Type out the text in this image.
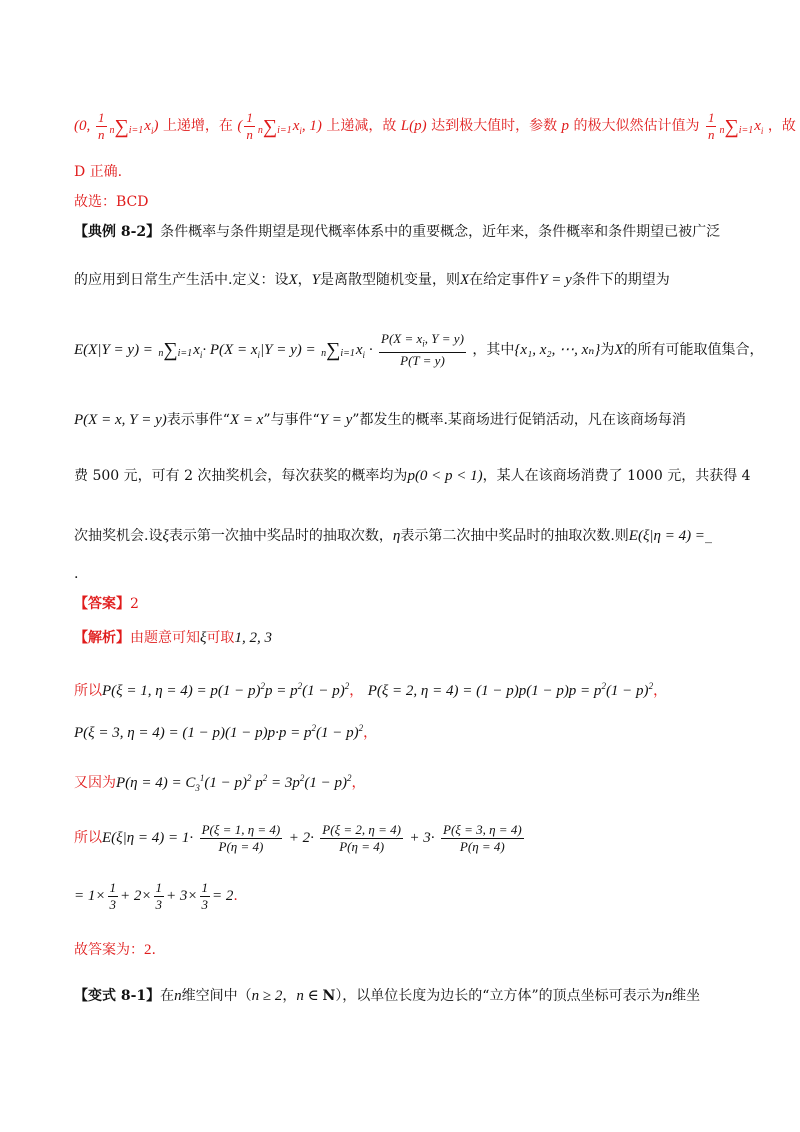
(0, $\frac{1}{n} n\sum i=1x_i$) 上递增，在 ( $\frac{1}{n} n\sum i=1x_i$, 1) 上递减，故 L(p) 达到极大值时，参数 p 的极大似然估计值为 $\frac{1}{n} n\sum i=1x_i$ ，故
D 正确.
故选：BCD
【典例 8-2】条件概率与条件期望是现代概率体系中的重要概念，近年来，条件概率和条件期望已被广泛
的应用到日常生产生活中.定义：设X，Y是离散型随机变量，则X在给定事件Y = y条件下的期望为
$E(X|Y = y) = n\sum i=1x_i\cdot P(X = x_i|Y = y) = n\sum i=1x_i \cdot \frac{P(X = x_i, Y = y)}{P(T = y)}$ ，其中{x₁, x₂, ⋯, xₙ}为X的所有可能取值集合，
P(X = x, Y = y)表示事件“X = x”与事件“Y = y”都发生的概率.某商场进行促销活动，凡在该商场每消
费 500 元，可有 2 次抽奖机会，每次获奖的概率均为p(0 < p < 1)，某人在该商场消费了 1000 元，共获得 4
次抽奖机会.设ξ表示第一次抽中奖品时的抽取次数，η表示第二次抽中奖品时的抽取次数.则E(ξ|η = 4) =_
.
【答案】2
【解析】由题意可知ξ可取1, 2, 3
所以P(ξ = 1, $\eta = 4) = p(1 - p)^2p = p^2(1 - p)^2$， P(ξ = 2, $\eta = 4) = (1 - p)p(1 - p)p = p^2(1 - p)^2$，
P(ξ = 3, $\eta = 4) = (1 - p)(1 - p)p\cdot p = p^2(1 - p)^2$，
又因为$P(\eta = 4) = C_3^1(1 - p)^2$ $p^2 = 3p^2(1 - p)^2$，
所以$E(\xi|\eta = 4) = 1\cdot \frac{P(\xi = 1, \eta = 4)}{P(\eta = 4)} + 2\cdot \frac{P(\xi = 2, \eta = 4)}{P(\eta = 4)} + 3\cdot \frac{P(\xi = 3, \eta = 4)}{P(\eta = 4)}$
= $1\times \frac{1}{3} + 2\times \frac{1}{3} + 3\times \frac{1}{3} = 2$.
故答案为：2.
【变式 8-1】在n维空间中（n ≥ 2，n ∈ N），以单位长度为边长的“立方体”的顶点坐标可表示为n维坐
